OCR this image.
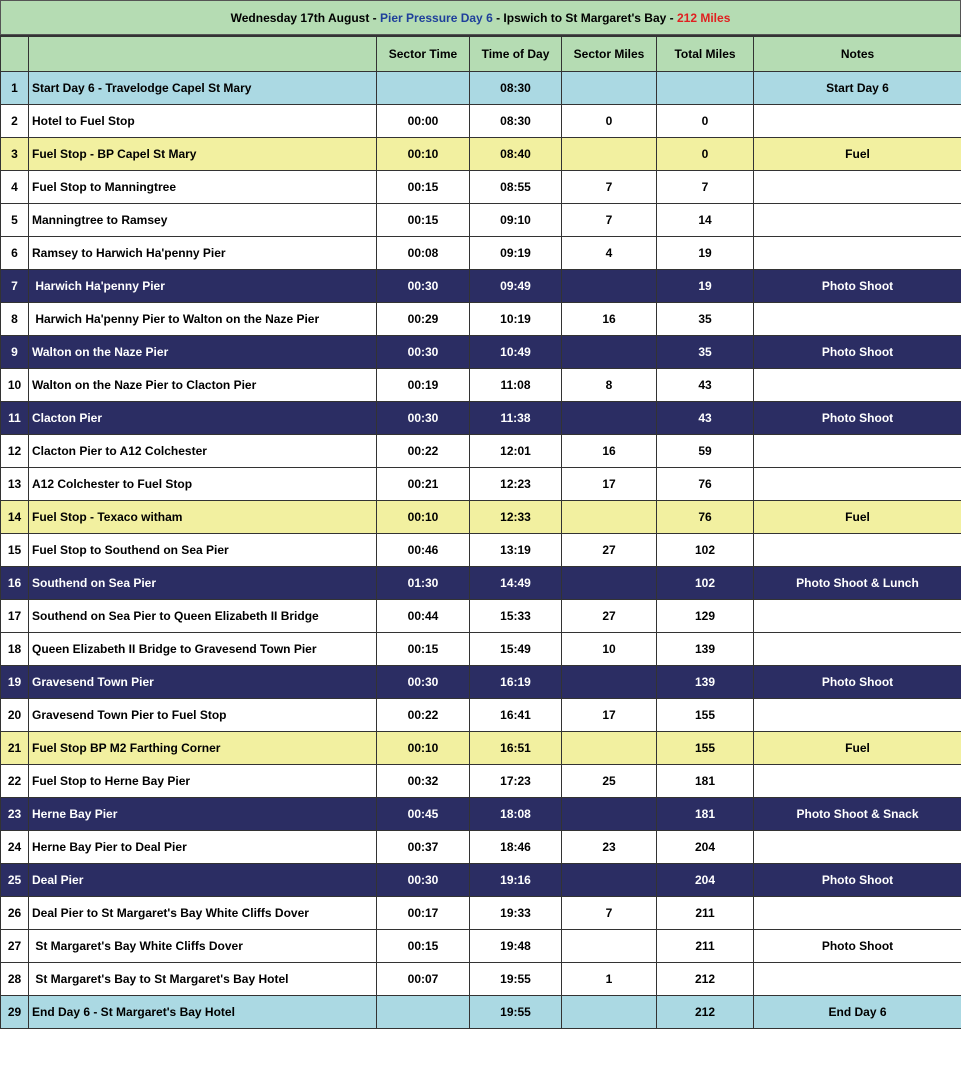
Wednesday 17th August - Pier Pressure Day 6 - Ipswich to St Margaret's Bay - 212 Miles
		Sector Time	Time of Day	Sector Miles	Total Miles	Notes
1	Start Day 6 - Travelodge Capel St Mary		08:30			Start Day 6
2	Hotel to Fuel Stop	00:00	08:30	0	0	
3	Fuel Stop - BP Capel St Mary	00:10	08:40		0	Fuel
4	Fuel Stop to Manningtree	00:15	08:55	7	7	
5	Manningtree to Ramsey	00:15	09:10	7	14	
6	Ramsey to Harwich Ha'penny Pier	00:08	09:19	4	19	
7	Harwich Ha'penny Pier	00:30	09:49		19	Photo Shoot
8	Harwich Ha'penny Pier to Walton on the Naze Pier	00:29	10:19	16	35	
9	Walton on the Naze Pier	00:30	10:49		35	Photo Shoot
10	Walton on the Naze Pier to Clacton Pier	00:19	11:08	8	43	
11	Clacton Pier	00:30	11:38		43	Photo Shoot
12	Clacton Pier to A12 Colchester	00:22	12:01	16	59	
13	A12 Colchester to Fuel Stop	00:21	12:23	17	76	
14	Fuel Stop - Texaco witham	00:10	12:33		76	Fuel
15	Fuel Stop to Southend on Sea Pier	00:46	13:19	27	102	
16	Southend on Sea Pier	01:30	14:49		102	Photo Shoot & Lunch
17	Southend on Sea Pier to Queen Elizabeth II Bridge	00:44	15:33	27	129	
18	Queen Elizabeth II Bridge to Gravesend Town Pier	00:15	15:49	10	139	
19	Gravesend Town Pier	00:30	16:19		139	Photo Shoot
20	Gravesend Town Pier to Fuel Stop	00:22	16:41	17	155	
21	Fuel Stop BP M2 Farthing Corner	00:10	16:51		155	Fuel
22	Fuel Stop to Herne Bay Pier	00:32	17:23	25	181	
23	Herne Bay Pier	00:45	18:08		181	Photo Shoot & Snack
24	Herne Bay Pier to Deal Pier	00:37	18:46	23	204	
25	Deal Pier	00:30	19:16		204	Photo Shoot
26	Deal Pier to St Margaret's Bay White Cliffs Dover	00:17	19:33	7	211	
27	St Margaret's Bay White Cliffs Dover	00:15	19:48		211	Photo Shoot
28	St Margaret's Bay to St Margaret's Bay Hotel	00:07	19:55	1	212	
29	End Day 6 - St Margaret's Bay Hotel		19:55		212	End Day 6
